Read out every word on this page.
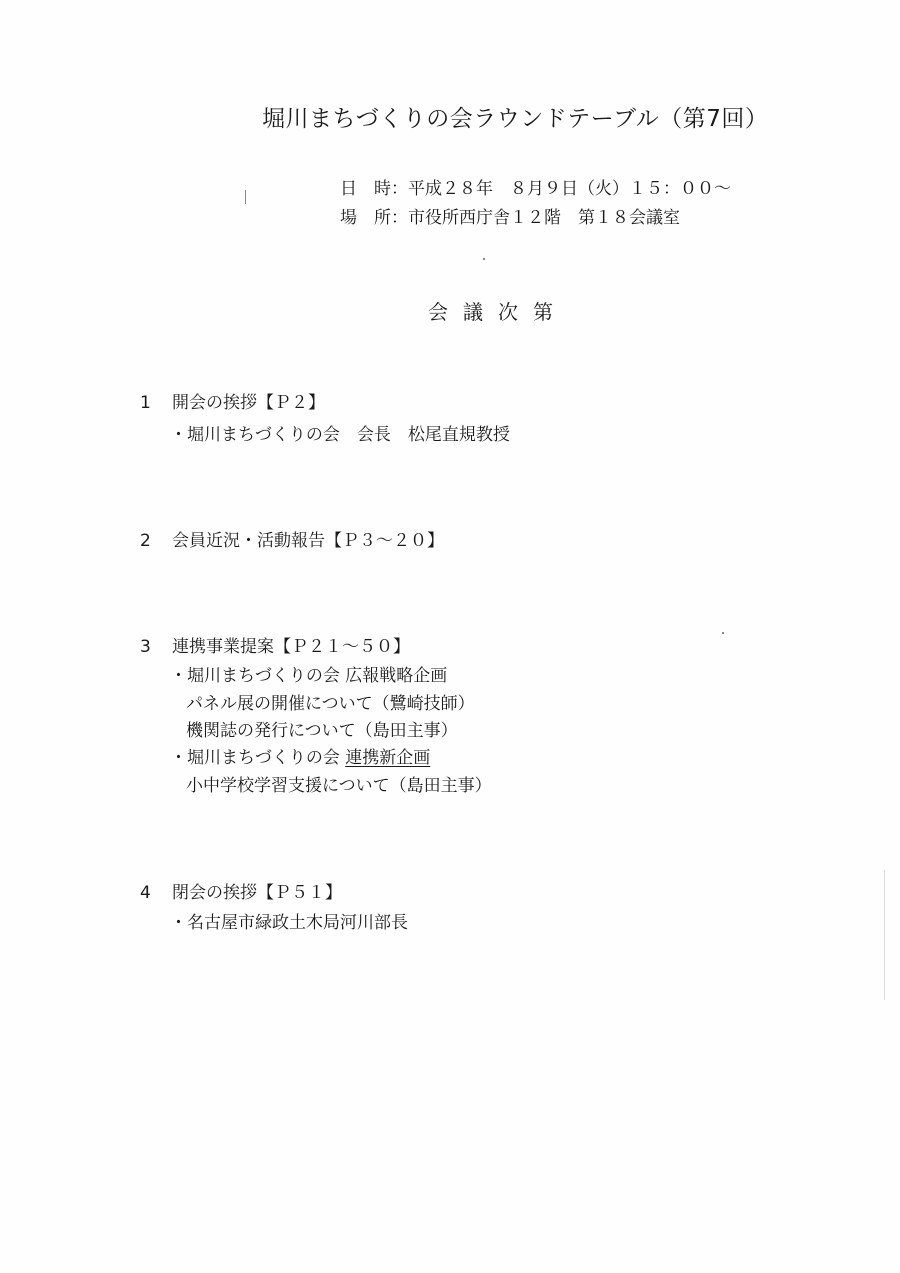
堀川まちづくりの会ラウンドテーブル（第7回）
日　時：平成２８年　８月９日（火）１５：００～
場　所：市役所西庁舎１２階　第１８会議室
会議次第
1 開会の挨拶【Ｐ２】
・堀川まちづくりの会　会長　松尾直規教授
2 会員近況・活動報告【Ｐ３～２０】
3 連携事業提案【Ｐ２１～５０】
・堀川まちづくりの会 広報戦略企画
パネル展の開催について（鷺崎技師）
機関誌の発行について（島田主事）
・堀川まちづくりの会 連携新企画
小中学校学習支援について（島田主事）
4 閉会の挨拶【Ｐ５１】
・名古屋市緑政土木局河川部長
